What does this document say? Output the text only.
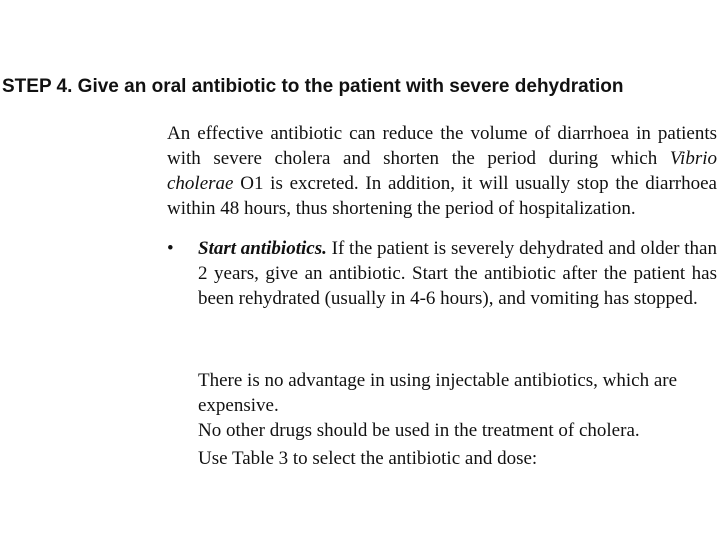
STEP 4. Give an oral antibiotic to the patient with severe dehydration
An effective antibiotic can reduce the volume of diarrhoea in patients with severe cholera and shorten the period during which Vibrio cholerae O1 is excreted. In addition, it will usually stop the diarrhoea within 48 hours, thus shortening the period of hospitalization.
• Start antibiotics. If the patient is severely dehydrated and older than 2 years, give an antibiotic. Start the antibiotic after the patient has been rehydrated (usually in 4-6 hours), and vomiting has stopped.
There is no advantage in using injectable antibiotics, which are expensive.
No other drugs should be used in the treatment of cholera.
Use Table 3 to select the antibiotic and dose:
